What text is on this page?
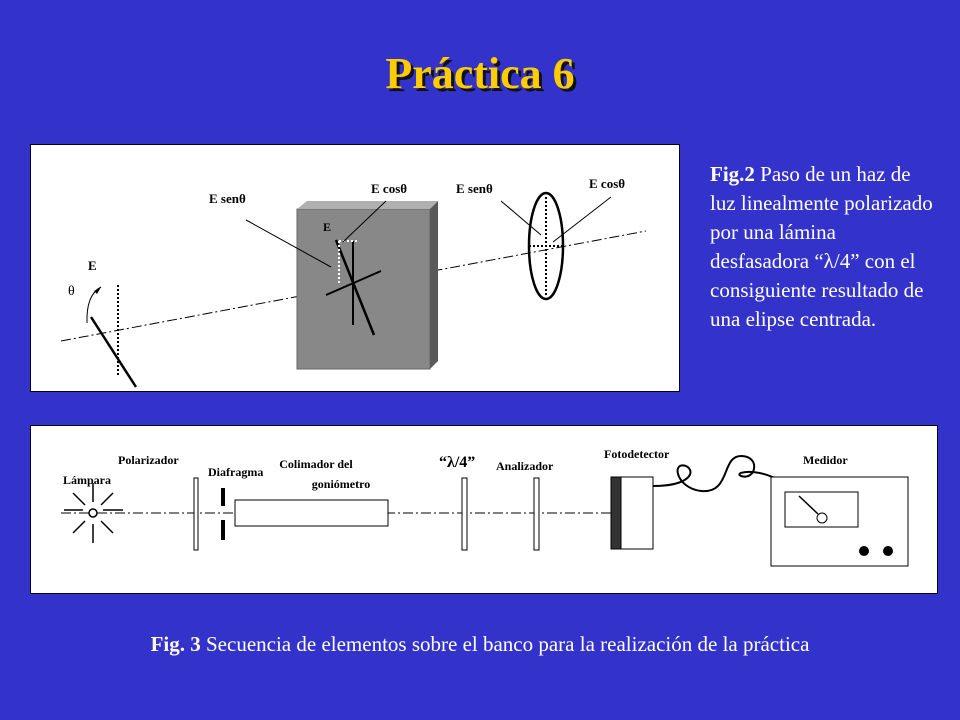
Práctica 6
E
θ
E
E senθ
E cosθ	E senθ	E cosθ	Fig.2 Paso de un haz de luz linealmente polarizado por una lámina desfasadora “λ/4” con el consiguiente resultado de una elipse centrada.
Lámpara
Polarizador
Diafragma
Colimador del
goniómetro
“λ/4” Analizador
Fotodetector	Medidor
Fig. 3 Secuencia de elementos sobre el banco para la realización de la práctica
